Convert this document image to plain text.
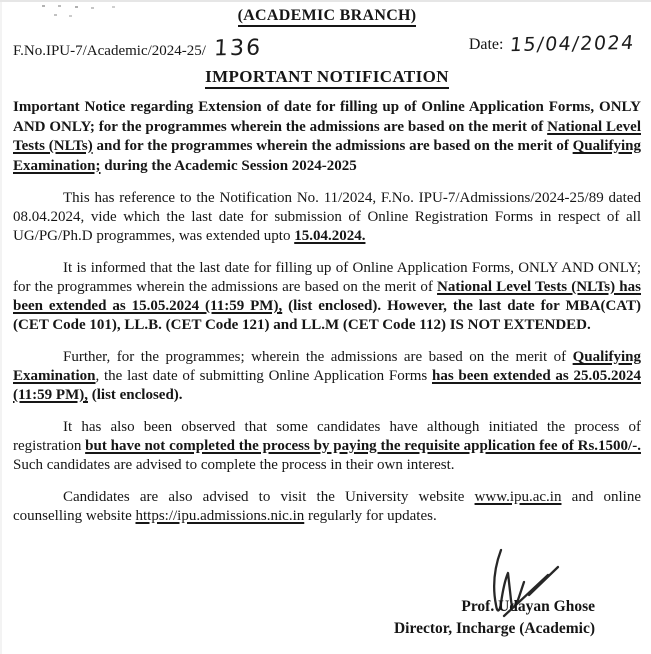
(ACADEMIC BRANCH)
F.No.IPU-7/Academic/2024-25/ 136	Date: 15/04/2024
IMPORTANT NOTIFICATION

Important Notice regarding Extension of date for filling up of Online Application Forms, ONLY AND ONLY; for the programmes wherein the admissions are based on the merit of National Level Tests (NLTs) and for the programmes wherein the admissions are based on the merit of Qualifying Examination; during the Academic Session 2024-2025

This has reference to the Notification No. 11/2024, F.No. IPU-7/Admissions/2024-25/89 dated 08.04.2024, vide which the last date for submission of Online Registration Forms in respect of all UG/PG/Ph.D programmes, was extended upto 15.04.2024.

It is informed that the last date for filling up of Online Application Forms, ONLY AND ONLY; for the programmes wherein the admissions are based on the merit of National Level Tests (NLTs) has been extended as 15.05.2024 (11:59 PM), (list enclosed). However, the last date for MBA(CAT) (CET Code 101), LL.B. (CET Code 121) and LL.M (CET Code 112) IS NOT EXTENDED.

Further, for the programmes; wherein the admissions are based on the merit of Qualifying Examination, the last date of submitting Online Application Forms has been extended as 25.05.2024 (11:59 PM), (list enclosed).

It has also been observed that some candidates have although initiated the process of registration but have not completed the process by paying the requisite application fee of Rs.1500/-. Such candidates are advised to complete the process in their own interest.

Candidates are also advised to visit the University website www.ipu.ac.in and online counselling website https://ipu.admissions.nic.in regularly for updates.

Prof. Udayan Ghose
Director, Incharge (Academic)
